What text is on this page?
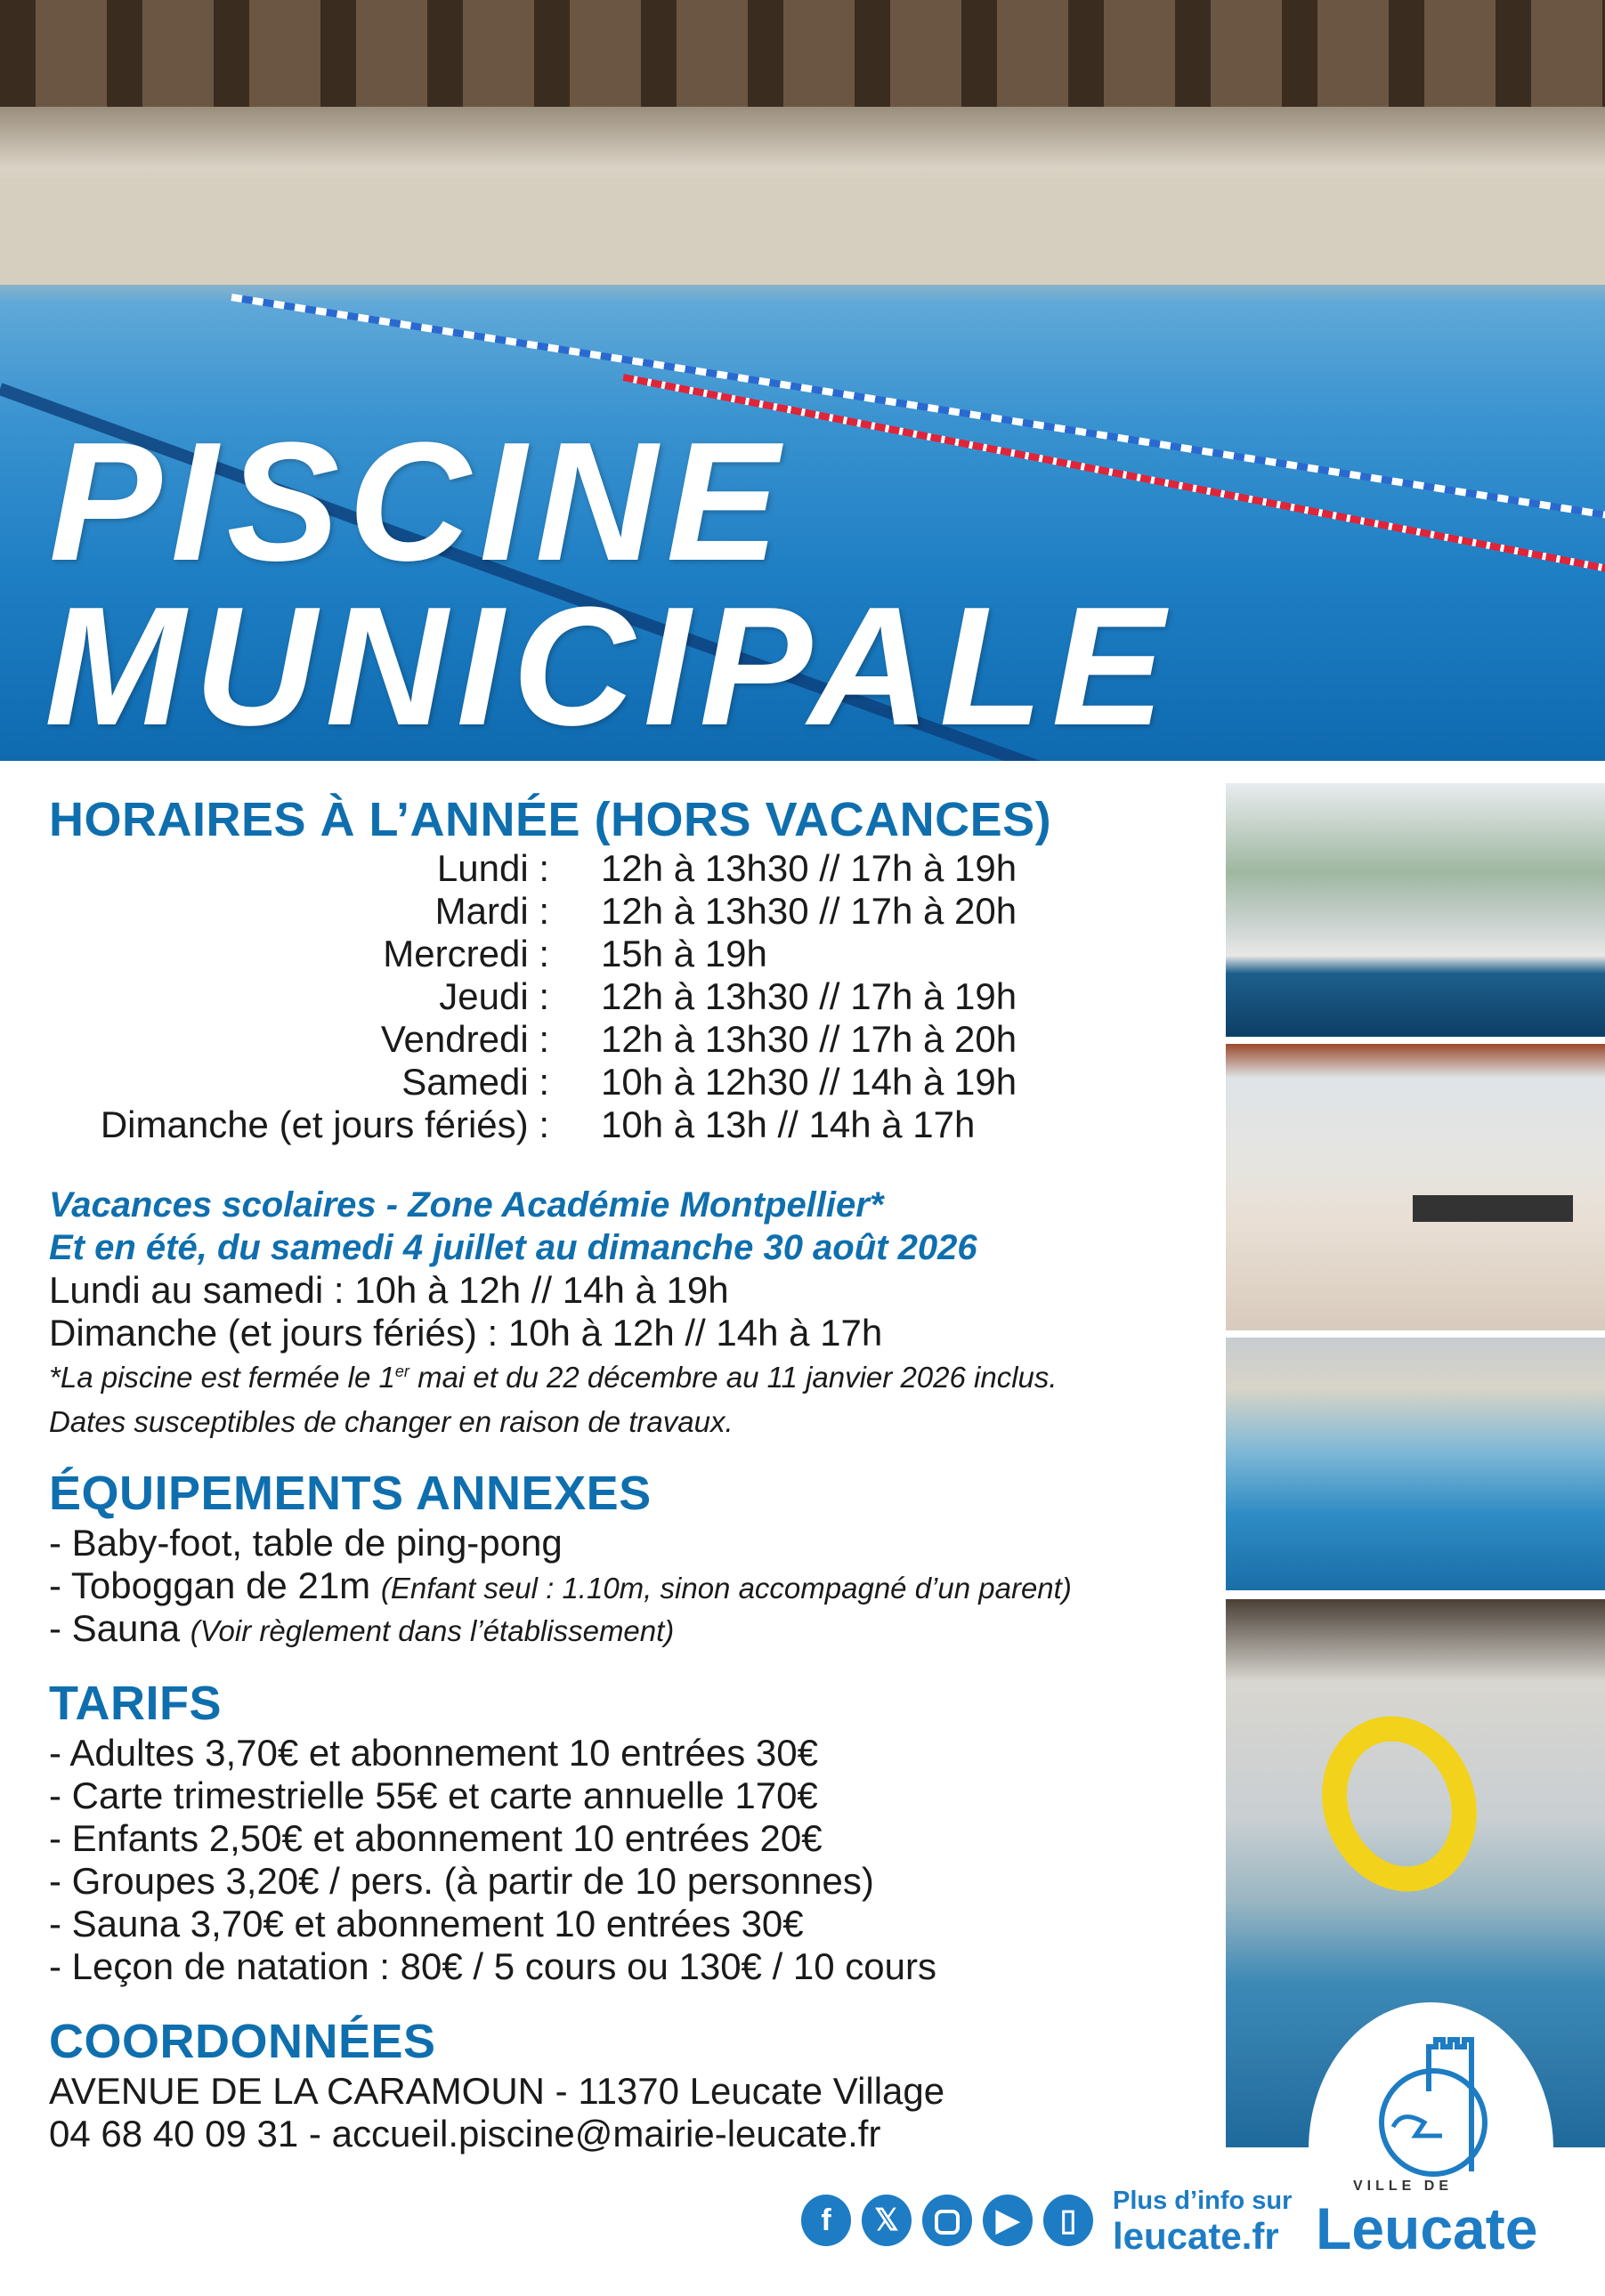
PISCINE
MUNICIPALE
HORAIRES À L’ANNÉE (HORS VACANCES)
Lundi : 12h à 13h30 // 17h à 19h
Mardi : 12h à 13h30 // 17h à 20h
Mercredi : 15h à 19h
Jeudi : 12h à 13h30 // 17h à 19h
Vendredi : 12h à 13h30 // 17h à 20h
Samedi : 10h à 12h30 // 14h à 19h
Dimanche (et jours fériés) : 10h à 13h // 14h à 17h
Vacances scolaires - Zone Académie Montpellier*
Et en été, du samedi 4 juillet au dimanche 30 août 2026
Lundi au samedi : 10h à 12h // 14h à 19h
Dimanche (et jours fériés) : 10h à 12h // 14h à 17h
*La piscine est fermée le 1er mai et du 22 décembre au 11 janvier 2026 inclus.
Dates susceptibles de changer en raison de travaux.
ÉQUIPEMENTS ANNEXES
- Baby-foot, table de ping-pong
- Toboggan de 21m (Enfant seul : 1.10m, sinon accompagné d’un parent)
- Sauna (Voir règlement dans l’établissement)
TARIFS
- Adultes 3,70€ et abonnement 10 entrées 30€
- Carte trimestrielle 55€ et carte annuelle 170€
- Enfants 2,50€ et abonnement 10 entrées 20€
- Groupes 3,20€ / pers. (à partir de 10 personnes)
- Sauna 3,70€ et abonnement 10 entrées 30€
- Leçon de natation : 80€ / 5 cours ou 130€ / 10 cours
COORDONNÉES
AVENUE DE LA CARAMOUN - 11370 Leucate Village
04 68 40 09 31 - accueil.piscine@mairie-leucate.fr
f	𝕏	▶	▯
Plus d’info sur
leucate.fr
VILLE DE
Leucate
